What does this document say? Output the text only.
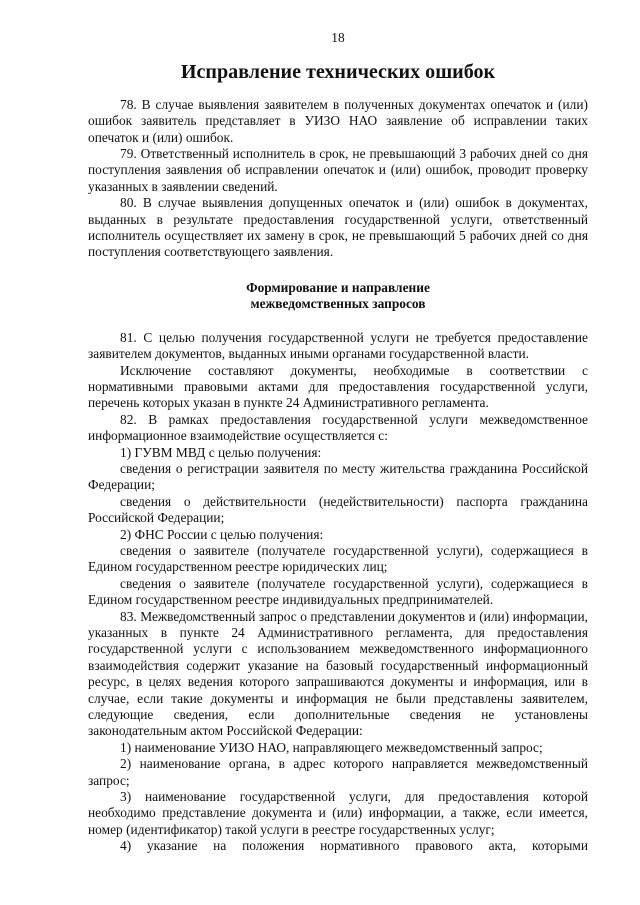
18
Исправление технических ошибок

78. В случае выявления заявителем в полученных документах опечаток и (или) ошибок заявитель представляет в УИЗО НАО заявление об исправлении таких опечаток и (или) ошибок.

79. Ответственный исполнитель в срок, не превышающий 3 рабочих дней со дня поступления заявления об исправлении опечаток и (или) ошибок, проводит проверку указанных в заявлении сведений.

80. В случае выявления допущенных опечаток и (или) ошибок в документах, выданных в результате предоставления государственной услуги, ответственный исполнитель осуществляет их замену в срок, не превышающий 5 рабочих дней со дня поступления соответствующего заявления.

Формирование и направление
межведомственных запросов

81. С целью получения государственной услуги не требуется предоставление заявителем документов, выданных иными органами государственной власти.

Исключение составляют документы, необходимые в соответствии с нормативными правовыми актами для предоставления государственной услуги, перечень которых указан в пункте 24 Административного регламента.

82. В рамках предоставления государственной услуги межведомственное информационное взаимодействие осуществляется с:

1) ГУВМ МВД с целью получения:

сведения о регистрации заявителя по месту жительства гражданина Российской Федерации;

сведения о действительности (недействительности) паспорта гражданина Российской Федерации;

2) ФНС России с целью получения:

сведения о заявителе (получателе государственной услуги), содержащиеся в Едином государственном реестре юридических лиц;

сведения о заявителе (получателе государственной услуги), содержащиеся в Едином государственном реестре индивидуальных предпринимателей.

83. Межведомственный запрос о представлении документов и (или) информации, указанных в пункте 24 Административного регламента, для предоставления государственной услуги с использованием межведомственного информационного взаимодействия содержит указание на базовый государственный информационный ресурс, в целях ведения которого запрашиваются документы и информация, или в случае, если такие документы и информация не были представлены заявителем, следующие сведения, если дополнительные сведения не установлены законодательным актом Российской Федерации:

1) наименование УИЗО НАО, направляющего межведомственный запрос;

2) наименование органа, в адрес которого направляется межведомственный запрос;

3) наименование государственной услуги, для предоставления которой необходимо представление документа и (или) информации, а также, если имеется, номер (идентификатор) такой услуги в реестре государственных услуг;

4) указание на положения нормативного правового акта, которыми
